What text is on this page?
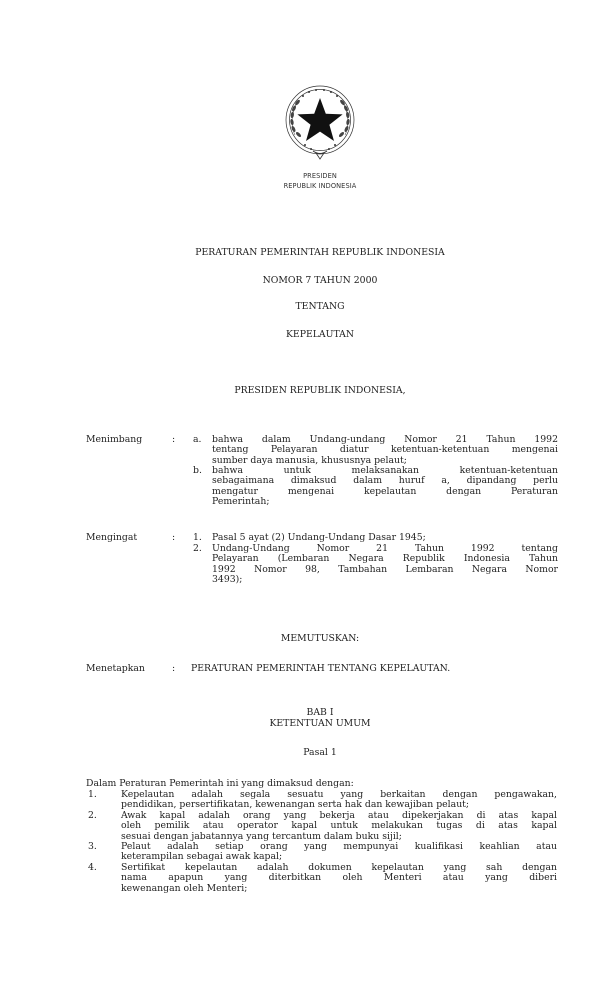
PRESIDEN
REPUBLIK INDONESIA
PERATURAN PEMERINTAH REPUBLIK INDONESIA
NOMOR 7 TAHUN 2000
TENTANG
KEPELAUTAN
PRESIDEN REPUBLIK INDONESIA,
Menimbang	: a. bahwa dalam Undang-undang Nomor 21 Tahun 1992
tentang Pelayaran diatur ketentuan-ketentuan mengenai
sumber daya manusia, khususnya pelaut;
b. bahwa untuk melaksanakan ketentuan-ketentuan
sebagaimana dimaksud dalam huruf a, dipandang perlu
mengatur mengenai kepelautan dengan Peraturan
Pemerintah;
Mengingat	: 1. Pasal 5 ayat (2) Undang-Undang Dasar 1945;
2. Undang-Undang Nomor 21 Tahun 1992 tentang
Pelayaran (Lembaran Negara Republik Indonesia Tahun
1992 Nomor 98, Tambahan Lembaran Negara Nomor
3493);
MEMUTUSKAN:
Menetapkan	: PERATURAN PEMERINTAH TENTANG KEPELAUTAN.
BAB I
KETENTUAN UMUM
Pasal 1
Dalam Peraturan Pemerintah ini yang dimaksud dengan:
1.	Kepelautan adalah segala sesuatu yang berkaitan dengan pengawakan,
pendidikan, persertifikatan, kewenangan serta hak dan kewajiban pelaut;
2.	Awak kapal adalah orang yang bekerja atau dipekerjakan di atas kapal
oleh pemilik atau operator kapal untuk melakukan tugas di atas kapal
sesuai dengan jabatannya yang tercantum dalam buku sijil;
3.	Pelaut adalah setiap orang yang mempunyai kualifikasi keahlian atau
keterampilan sebagai awak kapal;
4.	Sertifikat kepelautan adalah dokumen kepelautan yang sah dengan
nama apapun yang diterbitkan oleh Menteri atau yang diberi
kewenangan oleh Menteri;
